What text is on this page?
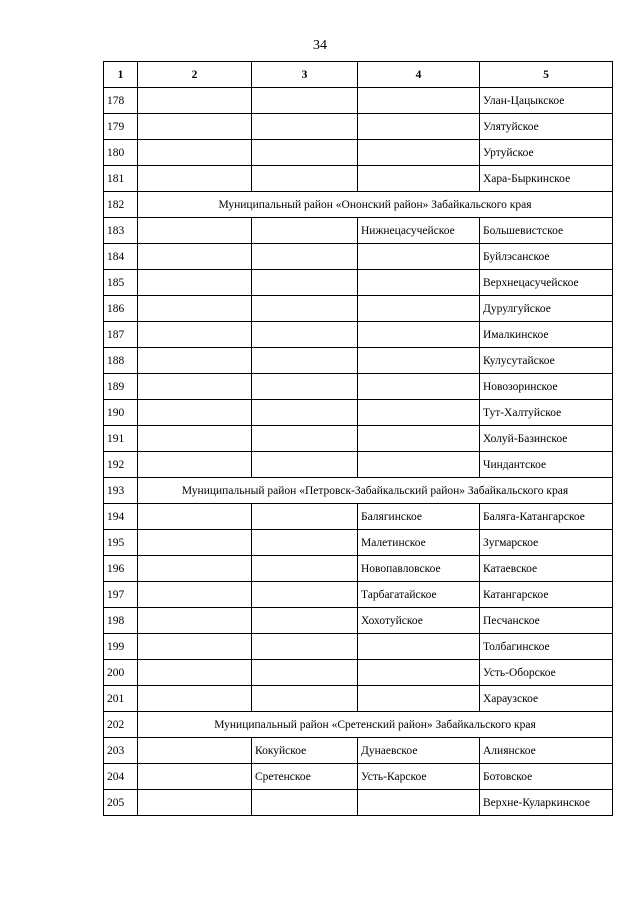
34
1	2	3	4	5
178				Улан-Цацыкское
179				Улятуйское
180				Уртуйское
181				Хара-Быркинское
182	Муниципальный район «Ононский район» Забайкальского края			
183			Нижнецасучейское	Большевистское
184				Буйлэсанское
185				Верхнецасучейское
186				Дурулгуйское
187				Ималкинское
188				Кулусутайское
189				Новозоринское
190				Тут-Халтуйское
191				Холуй-Базинское
192				Чиндантское
193	Муниципальный район «Петровск-Забайкальский район» Забайкальского края			
194			Балягинское	Баляга-Катангарское
195			Малетинское	Зугмарское
196			Новопавловское	Катаевское
197			Тарбагатайское	Катангарское
198			Хохотуйское	Песчанское
199				Толбагинское
200				Усть-Оборское
201				Хараузское
202	Муниципальный район «Сретенский район» Забайкальского края			
203		Кокуйское	Дунаевское	Алиянское
204		Сретенское	Усть-Карское	Ботовское
205				Верхне-Куларкинское
